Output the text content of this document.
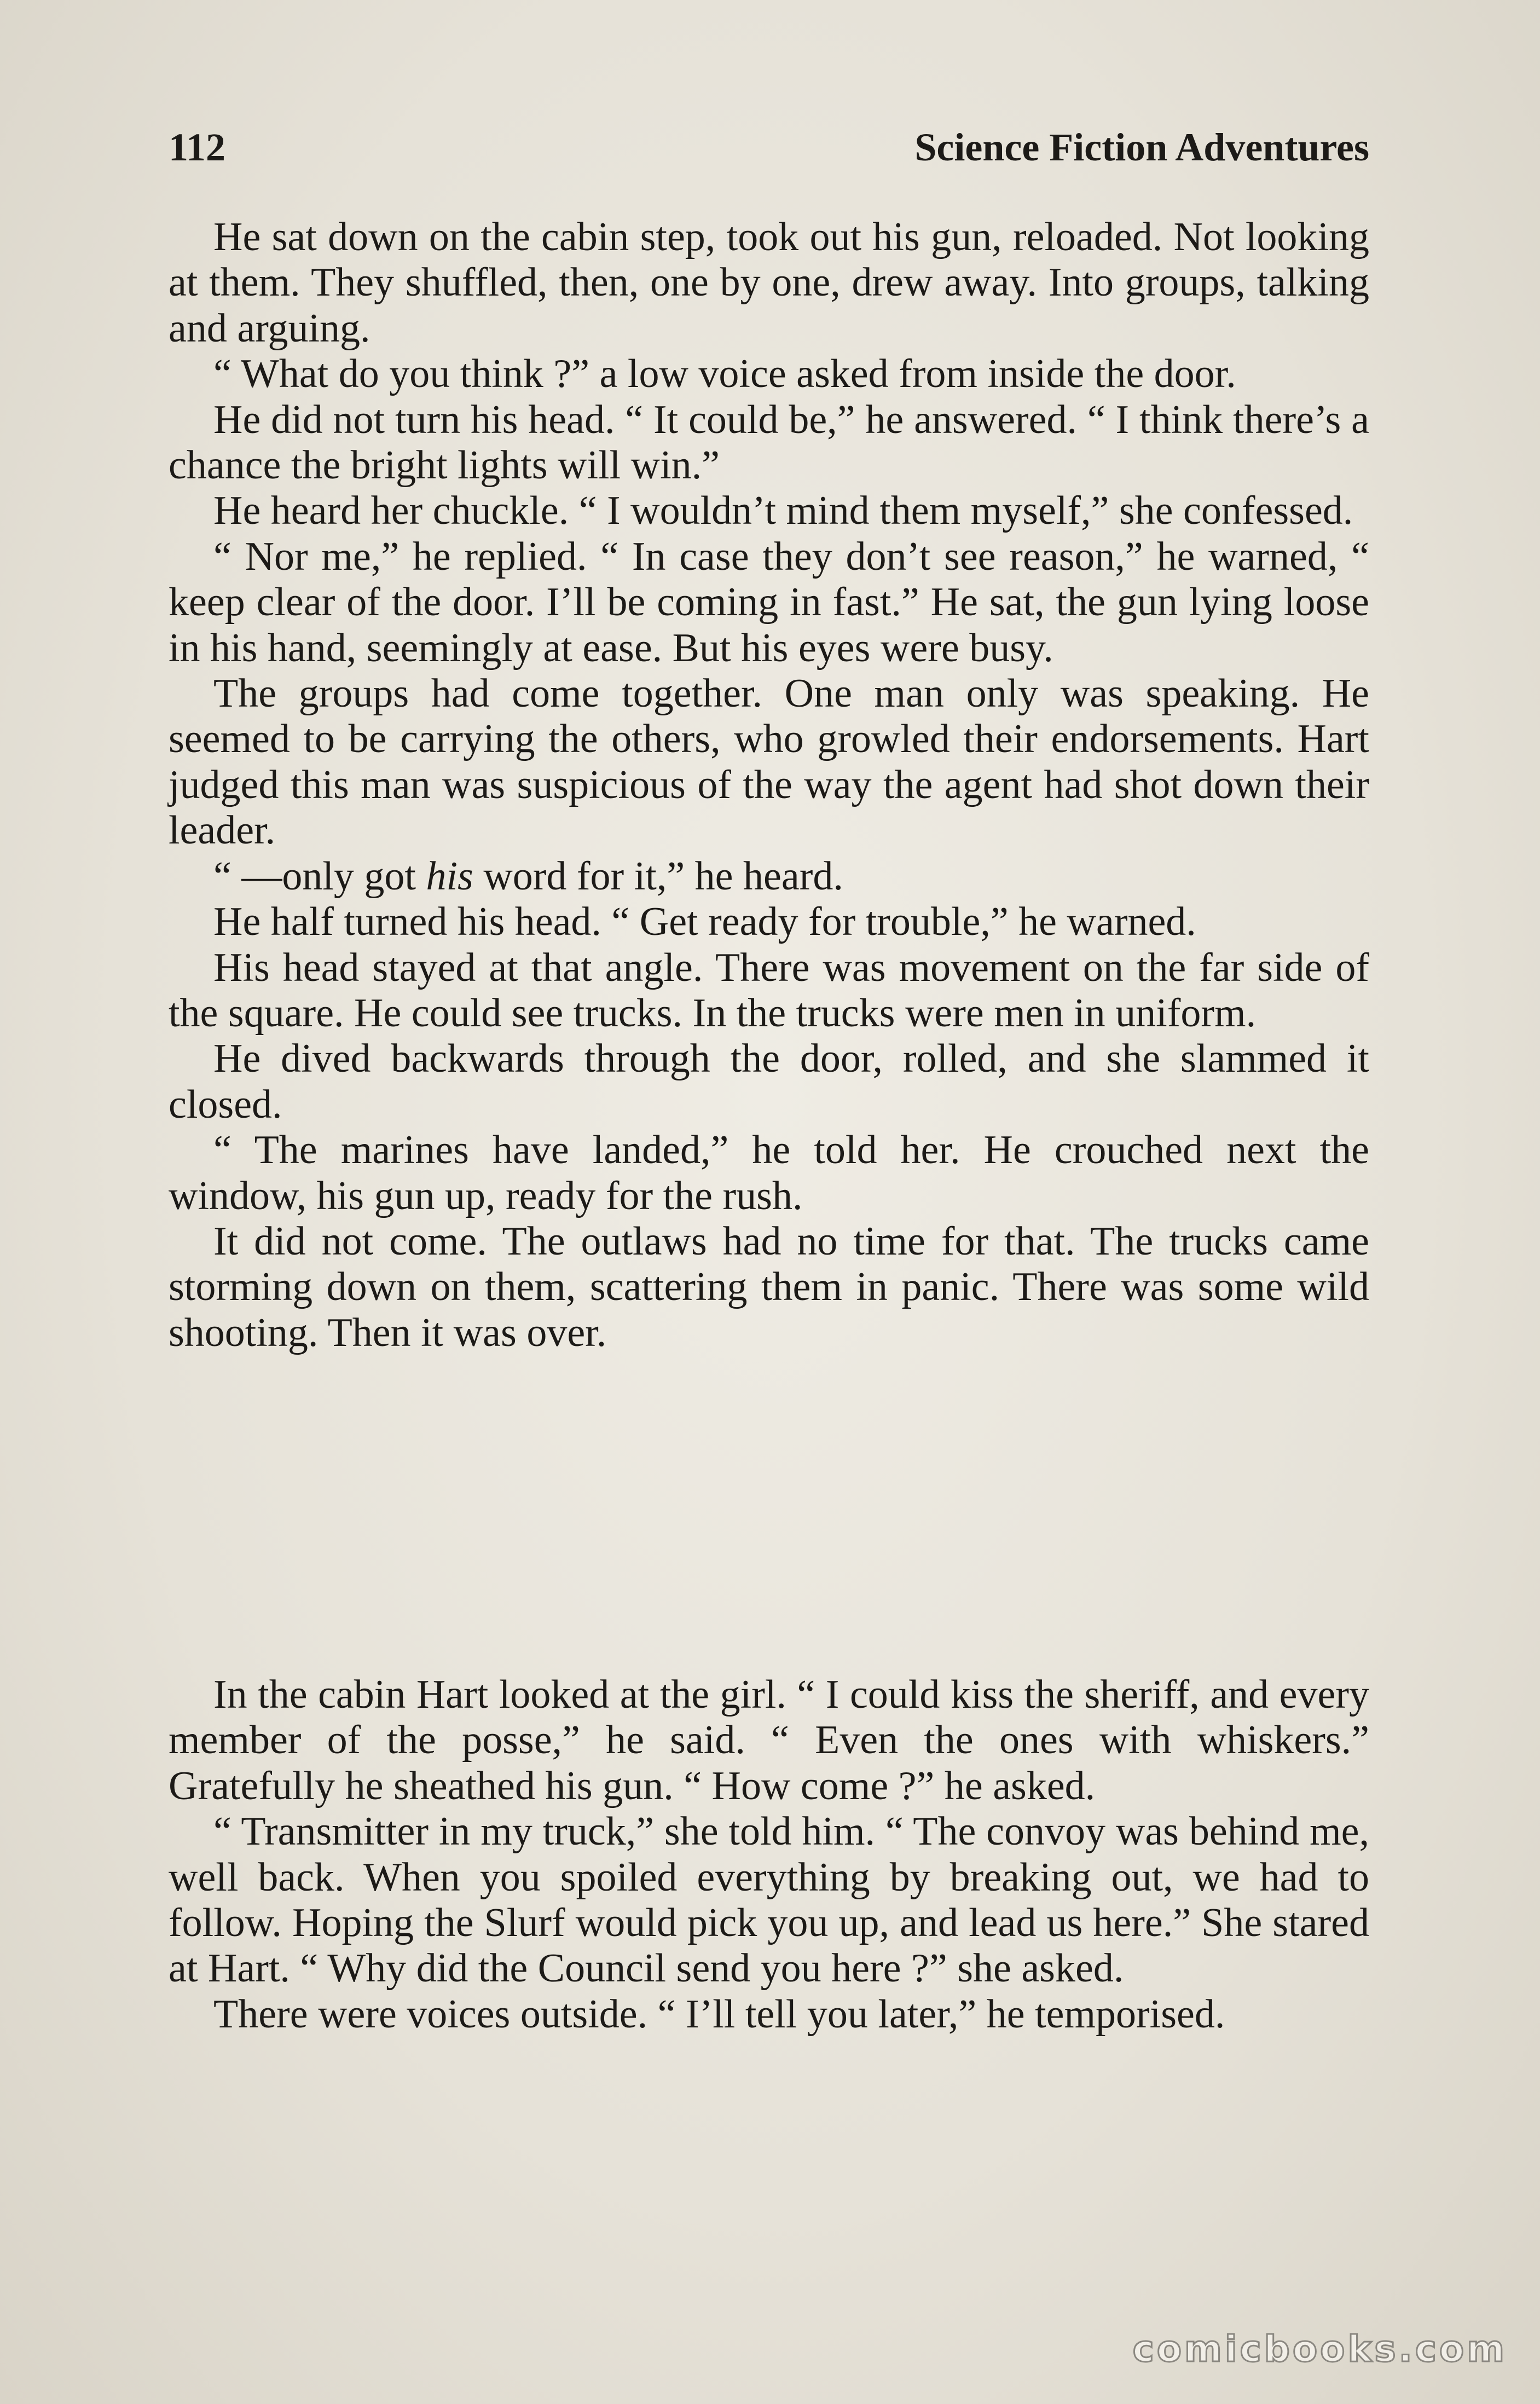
112	Science Fiction Adventures

He sat down on the cabin step, took out his gun, reloaded. Not looking at them. They shuffled, then, one by one, drew away. Into groups, talking and arguing.

“ What do you think ?” a low voice asked from inside the door.

He did not turn his head. “ It could be,” he answered. “ I think there’s a chance the bright lights will win.”

He heard her chuckle. “ I wouldn’t mind them myself,” she confessed.

“ Nor me,” he replied. “ In case they don’t see reason,” he warned, “ keep clear of the door. I’ll be coming in fast.” He sat, the gun lying loose in his hand, seemingly at ease. But his eyes were busy.

The groups had come together. One man only was speaking. He seemed to be carrying the others, who growled their endorsements. Hart judged this man was suspicious of the way the agent had shot down their leader.

“ —only got his word for it,” he heard.

He half turned his head. “ Get ready for trouble,” he warned.

His head stayed at that angle. There was movement on the far side of the square. He could see trucks. In the trucks were men in uniform.

He dived backwards through the door, rolled, and she slammed it closed.

“ The marines have landed,” he told her. He crouched next the window, his gun up, ready for the rush.

It did not come. The outlaws had no time for that. The trucks came storming down on them, scattering them in panic. There was some wild shooting. Then it was over.

In the cabin Hart looked at the girl. “ I could kiss the sheriff, and every member of the posse,” he said. “ Even the ones with whiskers.” Gratefully he sheathed his gun. “ How come ?” he asked.

“ Transmitter in my truck,” she told him. “ The convoy was behind me, well back. When you spoiled everything by breaking out, we had to follow. Hoping the Slurf would pick you up, and lead us here.” She stared at Hart. “ Why did the Council send you here ?” she asked.

There were voices outside. “ I’ll tell you later,” he temporised.

comicbooks.com
